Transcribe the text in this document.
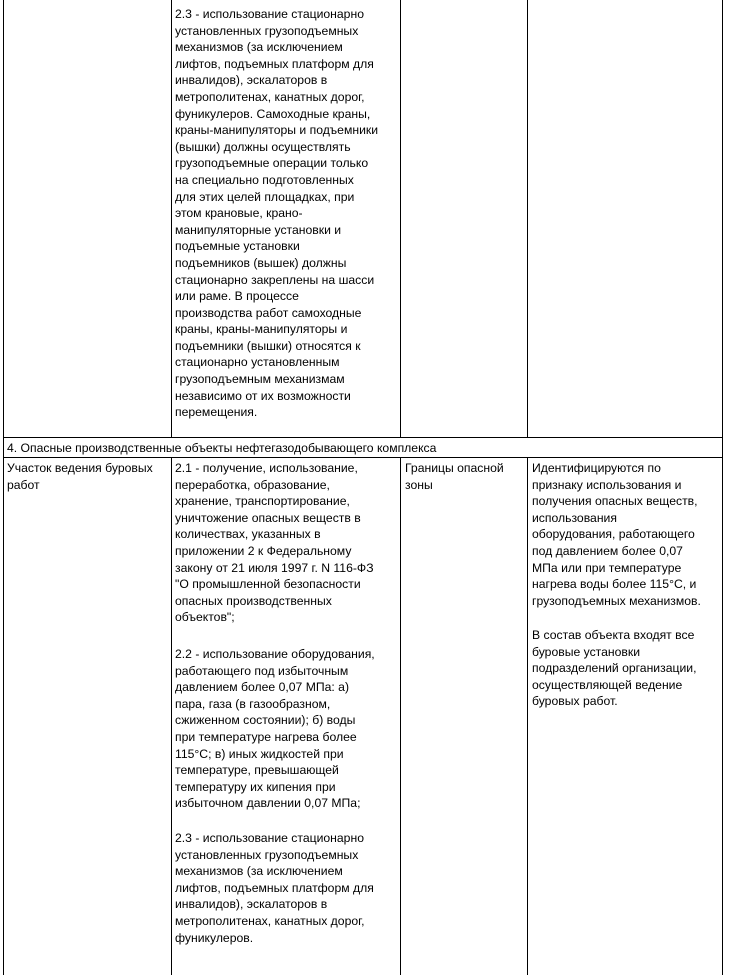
2.3 - использование стационарно
установленных грузоподъемных
механизмов (за исключением
лифтов, подъемных платформ для
инвалидов), эскалаторов в
метрополитенах, канатных дорог,
фуникулеров. Самоходные краны,
краны-манипуляторы и подъемники
(вышки) должны осуществлять
грузоподъемные операции только
на специально подготовленных
для этих целей площадках, при
этом крановые, крано-
манипуляторные установки и
подъемные установки
подъемников (вышек) должны
стационарно закреплены на шасси
или раме. В процессе
производства работ самоходные
краны, краны-манипуляторы и
подъемники (вышки) относятся к
стационарно установленным
грузоподъемным механизмам
независимо от их возможности
перемещения.
4. Опасные производственные объекты нефтегазодобывающего комплекса
Участок ведения буровых
работ
2.1 - получение, использование,
переработка, образование,
хранение, транспортирование,
уничтожение опасных веществ в
количествах, указанных в
приложении 2 к Федеральному
закону от 21 июля 1997 г. N 116-ФЗ
"О промышленной безопасности
опасных производственных
объектов";
2.2 - использование оборудования,
работающего под избыточным
давлением более 0,07 МПа: а)
пара, газа (в газообразном,
сжиженном состоянии); б) воды
при температуре нагрева более
115°С; в) иных жидкостей при
температуре, превышающей
температуру их кипения при
избыточном давлении 0,07 МПа;
2.3 - использование стационарно
установленных грузоподъемных
механизмов (за исключением
лифтов, подъемных платформ для
инвалидов), эскалаторов в
метрополитенах, канатных дорог,
фуникулеров.
Границы опасной
зоны
Идентифицируются по
признаку использования и
получения опасных веществ,
использования
оборудования, работающего
под давлением более 0,07
МПа или при температуре
нагрева воды более 115°С, и
грузоподъемных механизмов.
В состав объекта входят все
буровые установки
подразделений организации,
осуществляющей ведение
буровых работ.
